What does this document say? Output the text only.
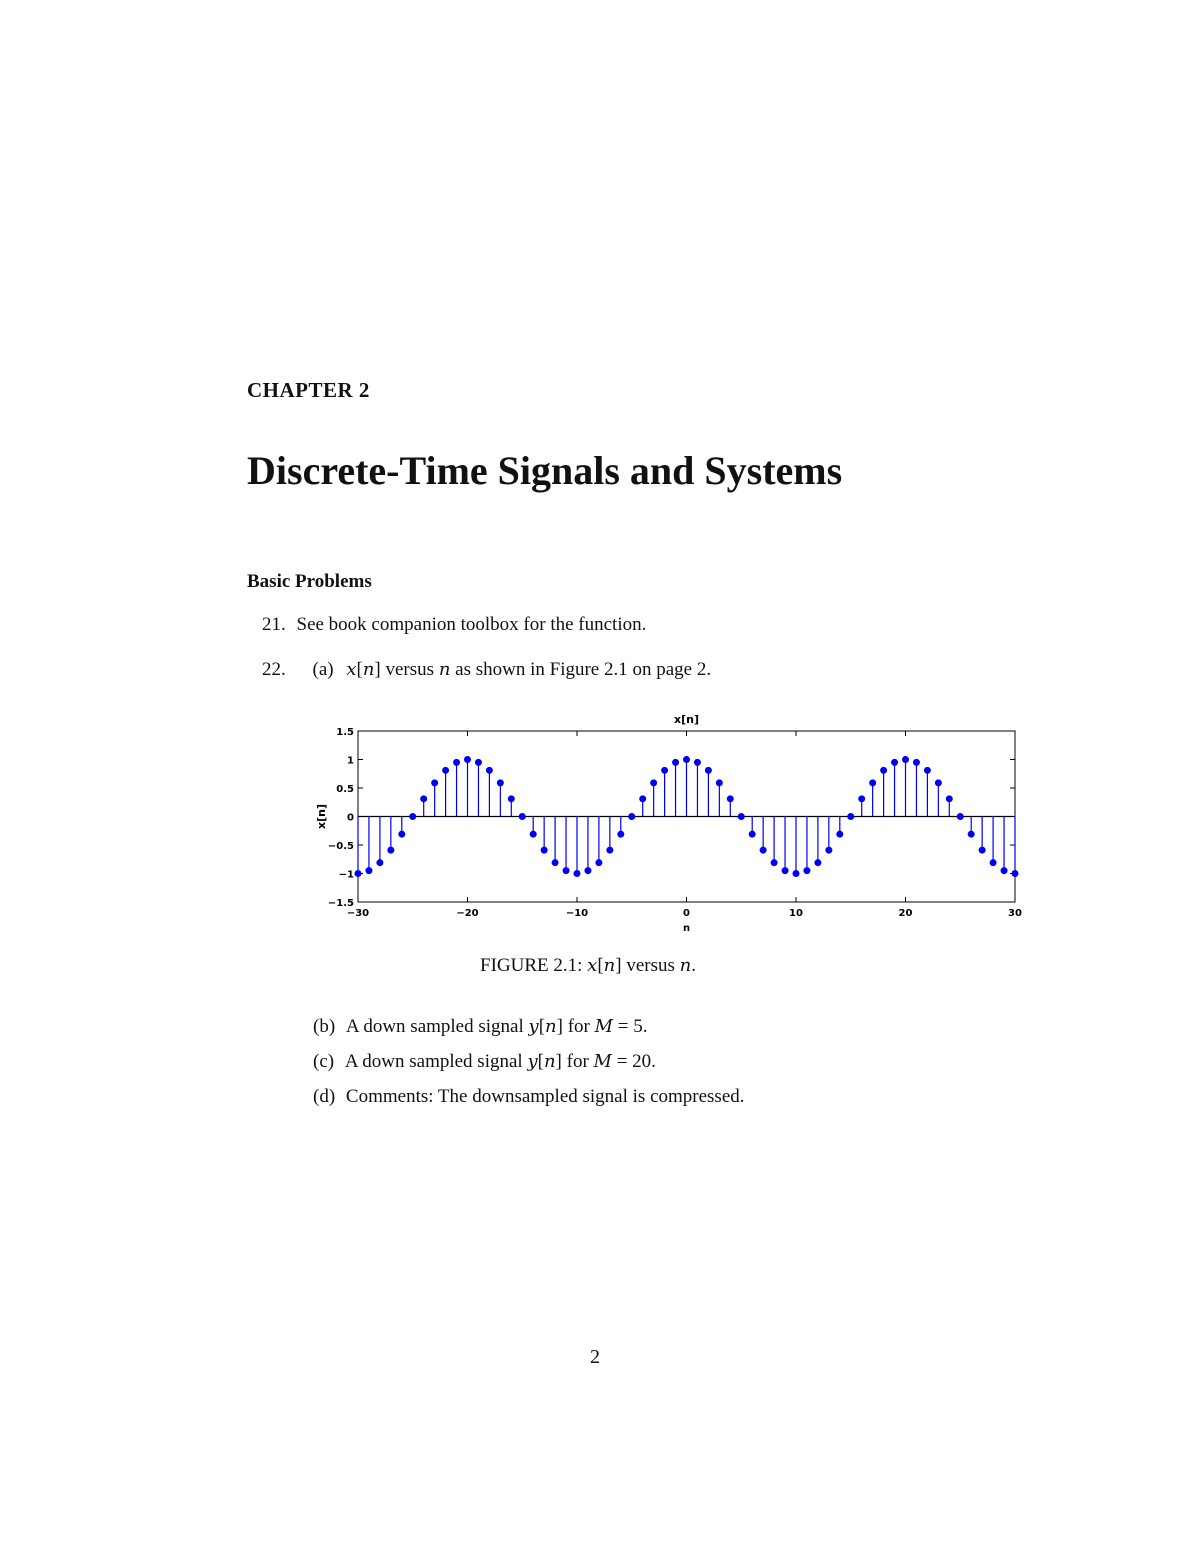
CHAPTER 2
Discrete-Time Signals and Systems
Basic Problems
21. See book companion toolbox for the function.
22. (a) x[n] versus n as shown in Figure 2.1 on page 2.
x[n]
n
x[n]
−30	−20	−10	0	10	20	30
−1.5
−1
−0.5
0
0.5
1
1.5
FIGURE 2.1: x[n] versus n.
(b) A down sampled signal y[n] for M = 5.
(c) A down sampled signal y[n] for M = 20.
(d) Comments: The downsampled signal is compressed.
2
